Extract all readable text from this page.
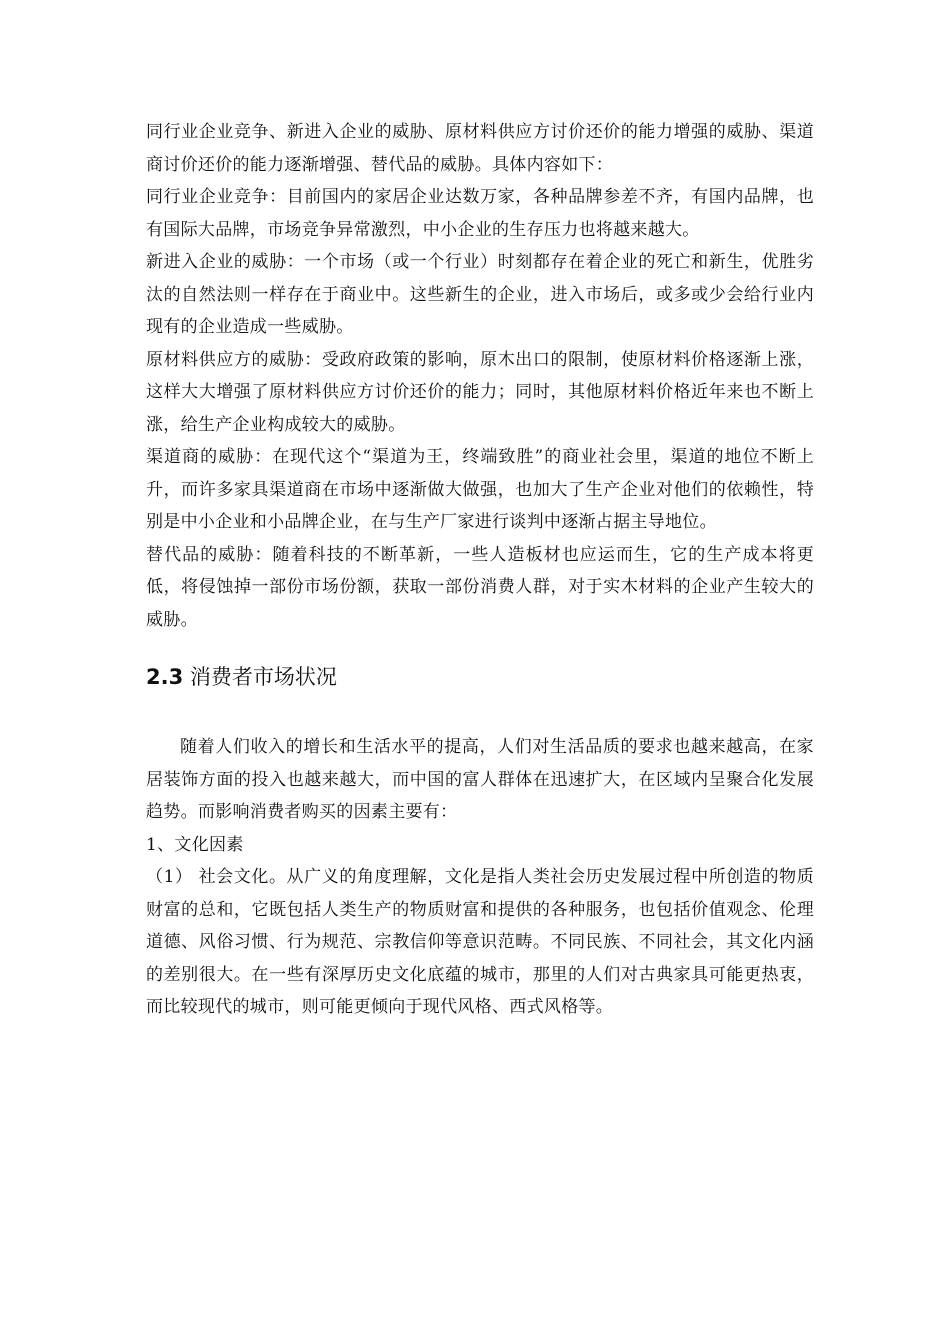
同行业企业竞争、新进入企业的威胁、原材料供应方讨价还价的能力增强的威胁、渠道商讨价还价的能力逐渐增强、替代品的威胁。具体内容如下：

同行业企业竞争：目前国内的家居企业达数万家，各种品牌参差不齐，有国内品牌，也有国际大品牌，市场竞争异常激烈，中小企业的生存压力也将越来越大。

新进入企业的威胁：一个市场（或一个行业）时刻都存在着企业的死亡和新生，优胜劣汰的自然法则一样存在于商业中。这些新生的企业，进入市场后，或多或少会给行业内现有的企业造成一些威胁。

原材料供应方的威胁：受政府政策的影响，原木出口的限制，使原材料价格逐渐上涨，这样大大增强了原材料供应方讨价还价的能力；同时，其他原材料价格近年来也不断上涨，给生产企业构成较大的威胁。

渠道商的威胁：在现代这个“渠道为王，终端致胜”的商业社会里，渠道的地位不断上升，而许多家具渠道商在市场中逐渐做大做强，也加大了生产企业对他们的依赖性，特别是中小企业和小品牌企业，在与生产厂家进行谈判中逐渐占据主导地位。

替代品的威胁：随着科技的不断革新，一些人造板材也应运而生，它的生产成本将更低，将侵蚀掉一部份市场份额，获取一部份消费人群，对于实木材料的企业产生较大的威胁。

2.3 消费者市场状况

随着人们收入的增长和生活水平的提高，人们对生活品质的要求也越来越高，在家居装饰方面的投入也越来越大，而中国的富人群体在迅速扩大，在区域内呈聚合化发展趋势。而影响消费者购买的因素主要有：

1、文化因素

（1） 社会文化。从广义的角度理解，文化是指人类社会历史发展过程中所创造的物质财富的总和，它既包括人类生产的物质财富和提供的各种服务，也包括价值观念、伦理道德、风俗习惯、行为规范、宗教信仰等意识范畴。不同民族、不同社会，其文化内涵的差别很大。在一些有深厚历史文化底蕴的城市，那里的人们对古典家具可能更热衷，而比较现代的城市，则可能更倾向于现代风格、西式风格等。
